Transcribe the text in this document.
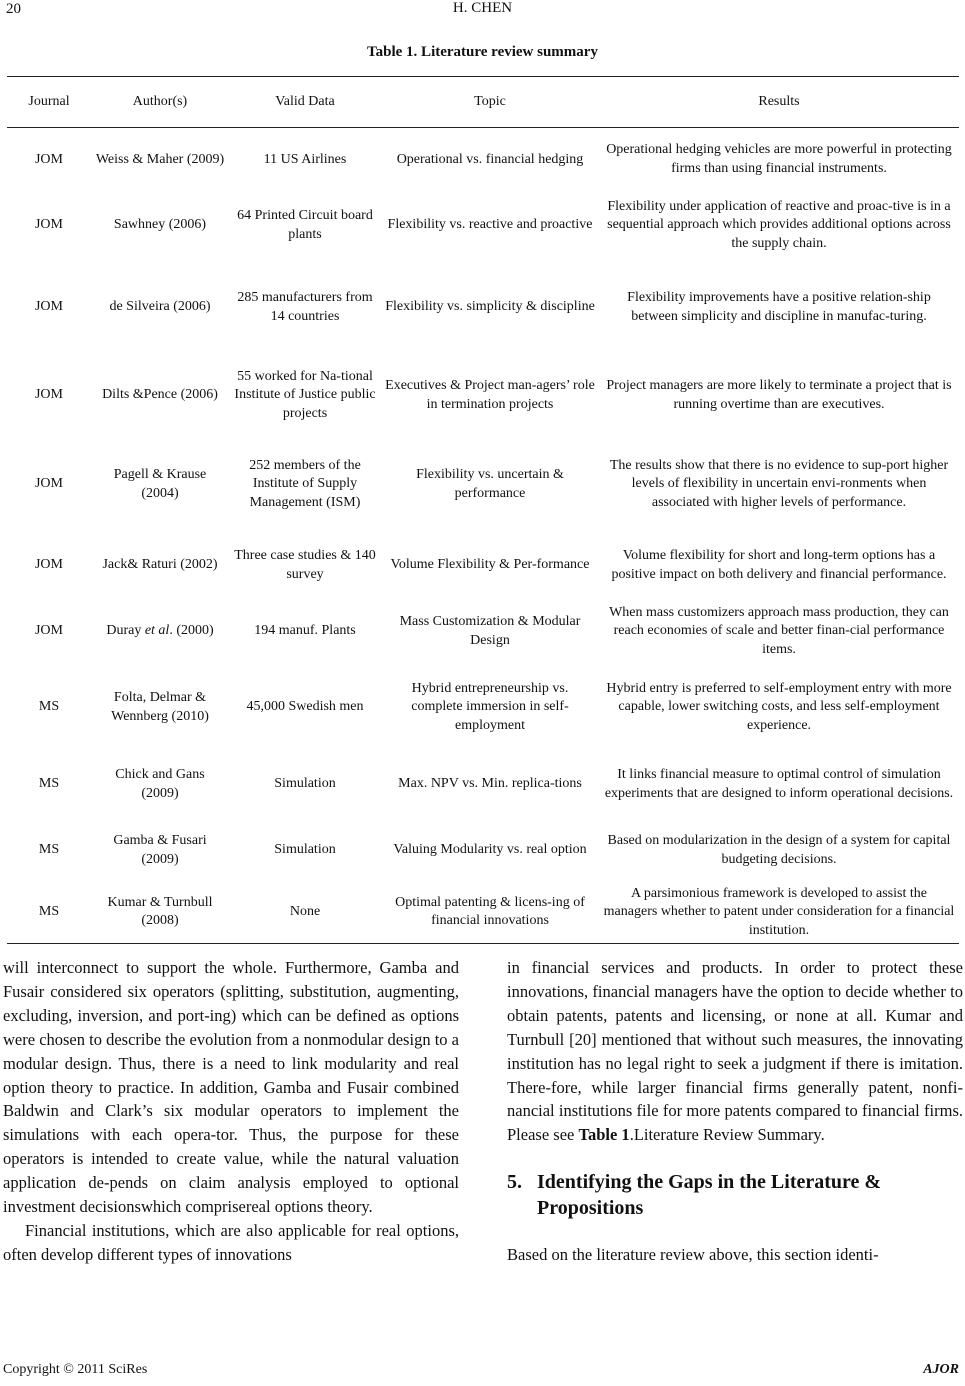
20	H. CHEN
Table 1. Literature review summary
Journal	Author(s)	Valid Data	Topic	Results
JOM	Weiss & Maher (2009)	11 US Airlines	Operational vs. financial hedging	Operational hedging vehicles are more powerful in protecting firms than using financial instruments.
JOM	Sawhney (2006)	64 Printed Circuit board plants	Flexibility vs. reactive and proactive	Flexibility under application of reactive and proac-tive is in a sequential approach which provides additional options across the supply chain.
JOM	de Silveira (2006)	285 manufacturers from 14 countries	Flexibility vs. simplicity & discipline	Flexibility improvements have a positive relation-ship between simplicity and discipline in manufac-turing.
JOM	Dilts &Pence (2006)	55 worked for Na-tional Institute of Justice public projects	Executives & Project man-agers’ role in termination projects	Project managers are more likely to terminate a project that is running overtime than are executives.
JOM	Pagell & Krause (2004)	252 members of the Institute of Supply Management (ISM)	Flexibility vs. uncertain & performance	The results show that there is no evidence to sup-port higher levels of flexibility in uncertain envi-ronments when associated with higher levels of performance.
JOM	Jack& Raturi (2002)	Three case studies & 140 survey	Volume Flexibility & Per-formance	Volume flexibility for short and long-term options has a positive impact on both delivery and financial performance.
JOM	Duray et al. (2000)	194 manuf. Plants	Mass Customization & Modular Design	When mass customizers approach mass production, they can reach economies of scale and better finan-cial performance items.
MS	Folta, Delmar & Wennberg (2010)	45,000 Swedish men	Hybrid entrepreneurship vs. complete immersion in self-employment	Hybrid entry is preferred to self-employment entry with more capable, lower switching costs, and less self-employment experience.
MS	Chick and Gans (2009)	Simulation	Max. NPV vs. Min. replica-tions	It links financial measure to optimal control of simulation experiments that are designed to inform operational decisions.
MS	Gamba & Fusari (2009)	Simulation	Valuing Modularity vs. real option	Based on modularization in the design of a system for capital budgeting decisions.
MS	Kumar & Turnbull (2008)	None	Optimal patenting & licens-ing of financial innovations	A parsimonious framework is developed to assist the managers whether to patent under consideration for a financial institution.

will interconnect to support the whole. Furthermore, Gamba and Fusair considered six operators (splitting, substitution, augmenting, excluding, inversion, and port-ing) which can be defined as options were chosen to describe the evolution from a nonmodular design to a modular design. Thus, there is a need to link modularity and real option theory to practice. In addition, Gamba and Fusair combined Baldwin and Clark’s six modular operators to implement the simulations with each opera-tor. Thus, the purpose for these operators is intended to create value, while the natural valuation application de-pends on claim analysis employed to optional investment decisionswhich comprisereal options theory.

Financial institutions, which are also applicable for real options, often develop different types of innovations

in financial services and products. In order to protect these innovations, financial managers have the option to decide whether to obtain patents, patents and licensing, or none at all. Kumar and Turnbull [20] mentioned that without such measures, the innovating institution has no legal right to seek a judgment if there is imitation. There-fore, while larger financial firms generally patent, nonfi-nancial institutions file for more patents compared to financial firms. Please see Table 1.Literature Review Summary.

5. Identifying the Gaps in the Literature & Propositions

Based on the literature review above, this section identi-

Copyright © 2011 SciRes	AJOR
